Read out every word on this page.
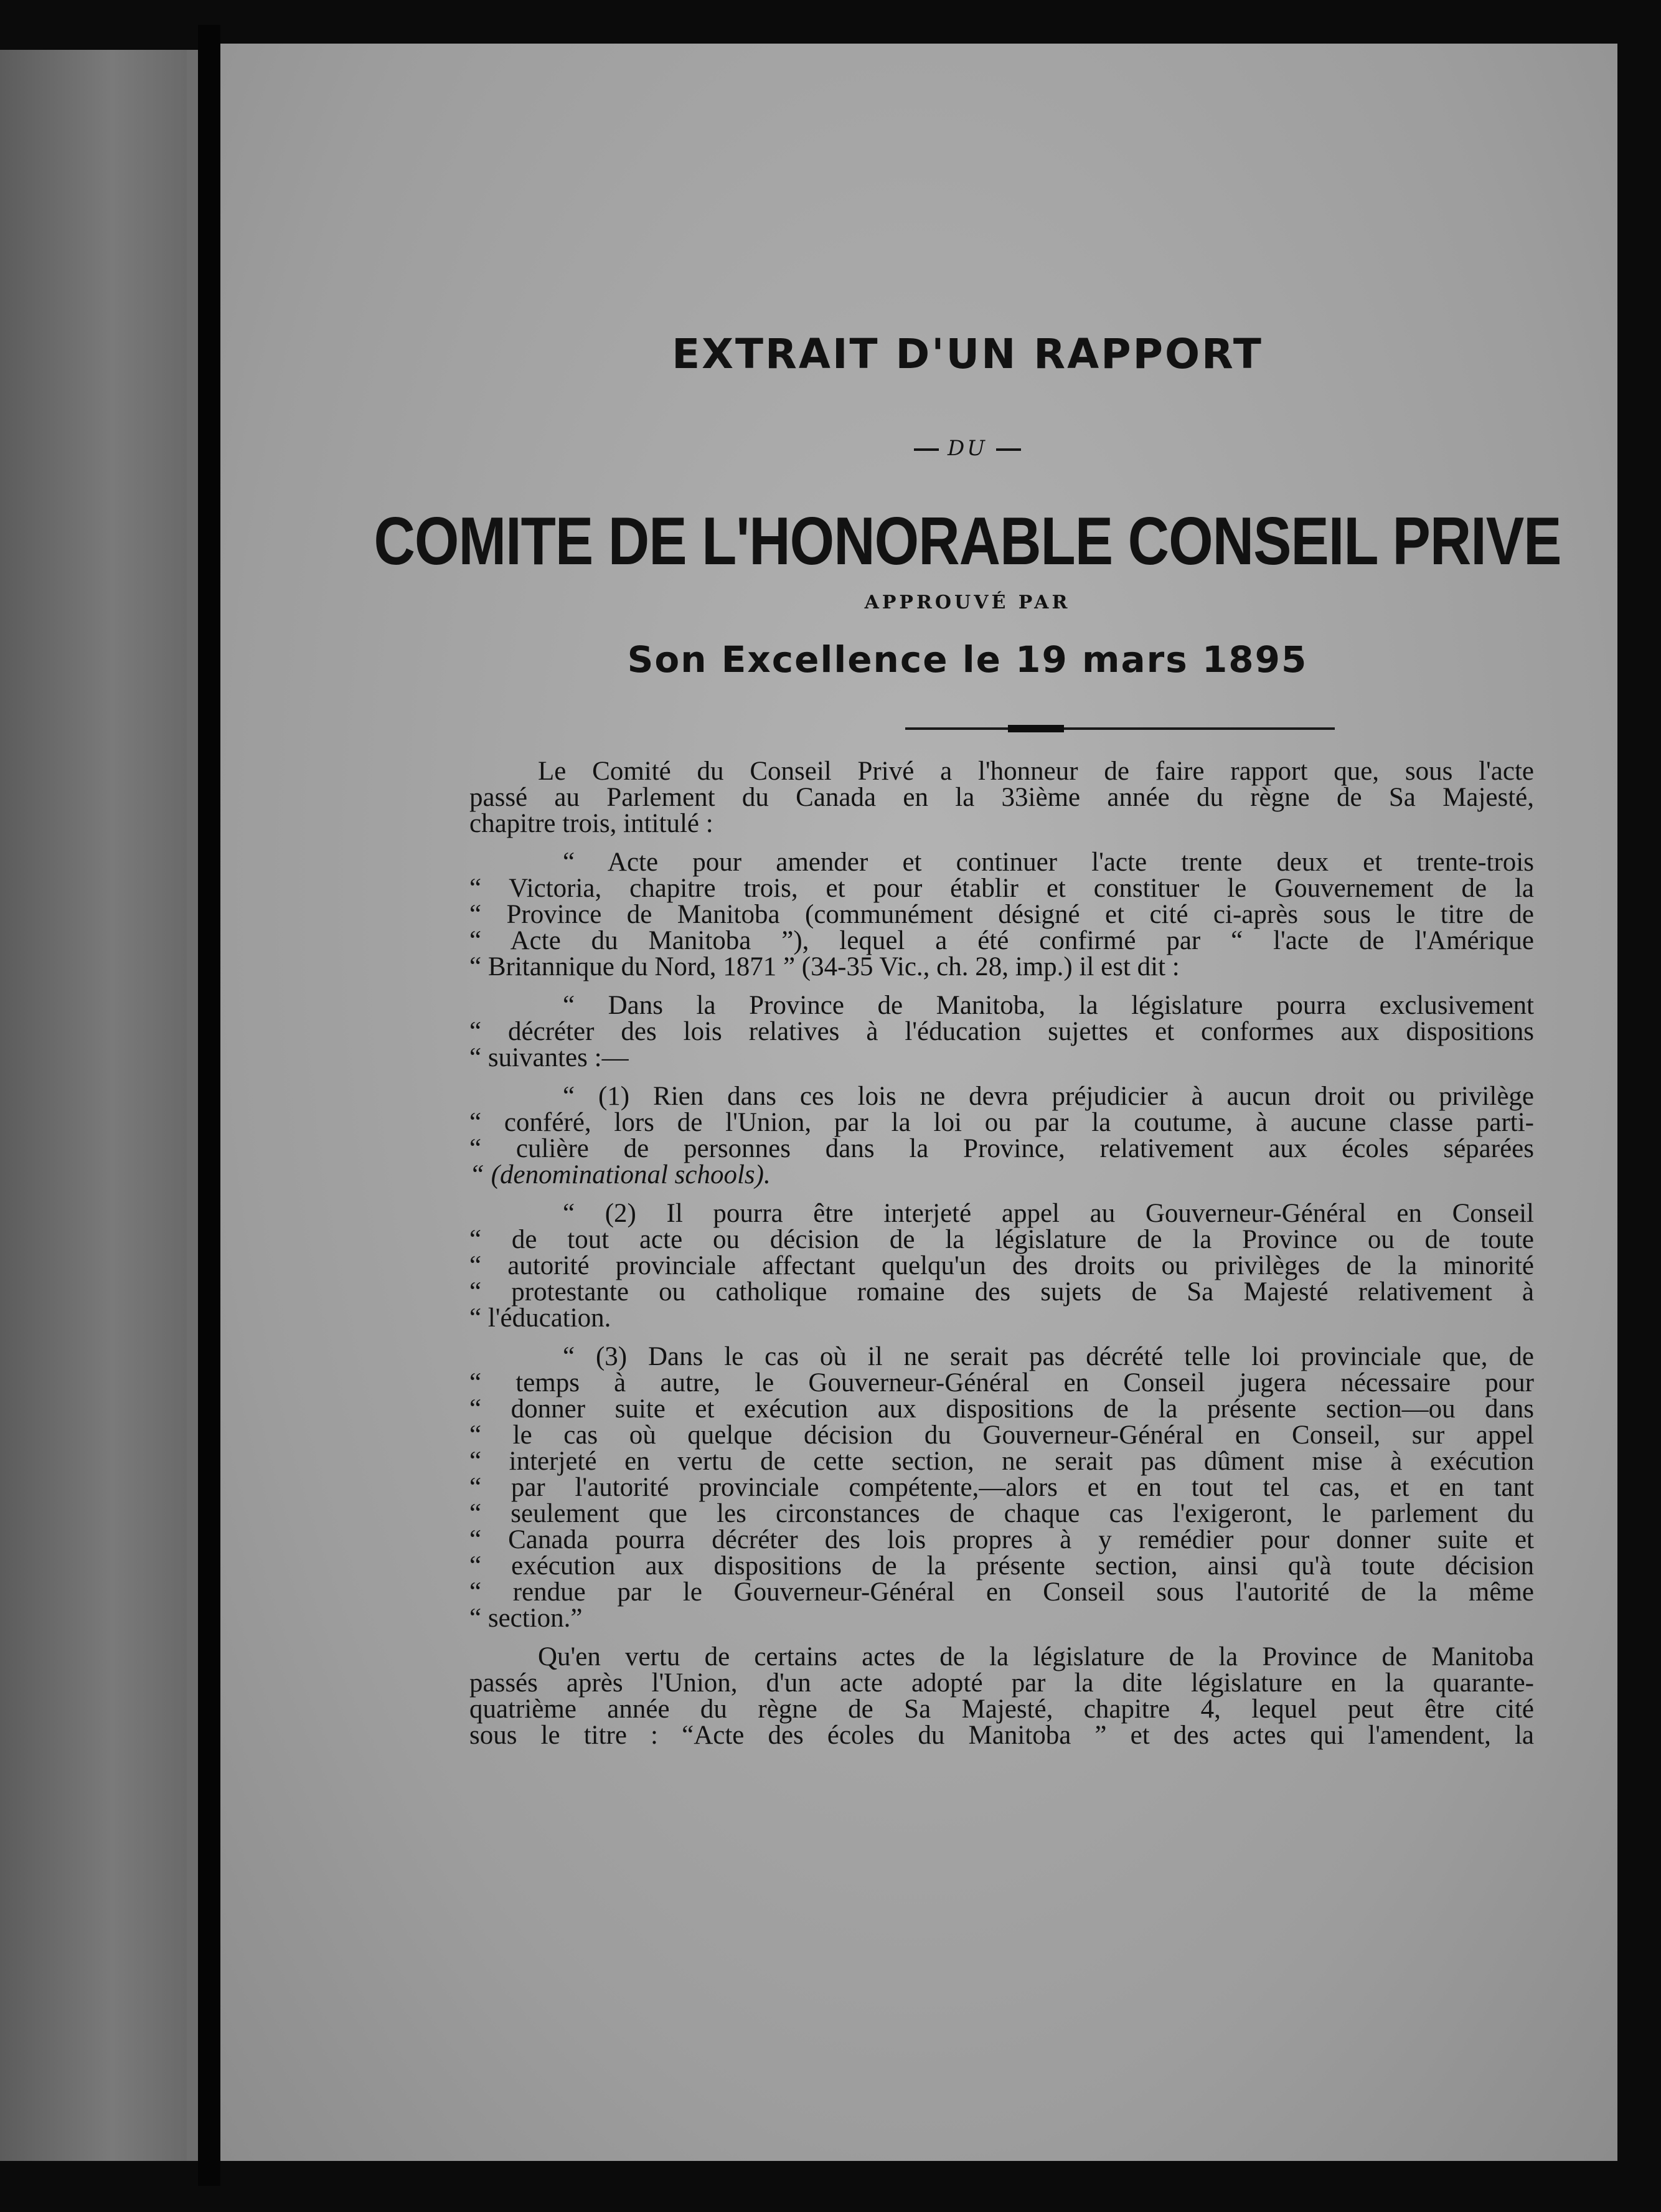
EXTRAIT D'UN RAPPORT
DU
COMITE DE L'HONORABLE CONSEIL PRIVE
APPROUVÉ PAR
Son Excellence le 19 mars 1895

Le Comité du Conseil Privé a l'honneur de faire rapport que, sous l'acte
passé au Parlement du Canada en la 33ième année du règne de Sa Majesté,
chapitre trois, intitulé :

“ Acte pour amender et continuer l'acte trente deux et trente-trois
“ Victoria, chapitre trois, et pour établir et constituer le Gouvernement de la
“ Province de Manitoba (communément désigné et cité ci-après sous le titre de
“ Acte du Manitoba ”), lequel a été confirmé par “ l'acte de l'Amérique
“ Britannique du Nord, 1871 ” (34-35 Vic., ch. 28, imp.) il est dit :

“ Dans la Province de Manitoba, la législature pourra exclusivement
“ décréter des lois relatives à l'éducation sujettes et conformes aux dispositions
“ suivantes :—

“ (1) Rien dans ces lois ne devra préjudicier à aucun droit ou privilège
“ conféré, lors de l'Union, par la loi ou par la coutume, à aucune classe parti-
“ culière de personnes dans la Province, relativement aux écoles séparées
“ (denominational schools).

“ (2) Il pourra être interjeté appel au Gouverneur-Général en Conseil
“ de tout acte ou décision de la législature de la Province ou de toute
“ autorité provinciale affectant quelqu'un des droits ou privilèges de la minorité
“ protestante ou catholique romaine des sujets de Sa Majesté relativement à
“ l'éducation.

“ (3) Dans le cas où il ne serait pas décrété telle loi provinciale que, de
“ temps à autre, le Gouverneur-Général en Conseil jugera nécessaire pour
“ donner suite et exécution aux dispositions de la présente section—ou dans
“ le cas où quelque décision du Gouverneur-Général en Conseil, sur appel
“ interjeté en vertu de cette section, ne serait pas dûment mise à exécution
“ par l'autorité provinciale compétente,—alors et en tout tel cas, et en tant
“ seulement que les circonstances de chaque cas l'exigeront, le parlement du
“ Canada pourra décréter des lois propres à y remédier pour donner suite et
“ exécution aux dispositions de la présente section, ainsi qu'à toute décision
“ rendue par le Gouverneur-Général en Conseil sous l'autorité de la même
“ section.”

Qu'en vertu de certains actes de la législature de la Province de Manitoba
passés après l'Union, d'un acte adopté par la dite législature en la quarante-
quatrième année du règne de Sa Majesté, chapitre 4, lequel peut être cité
sous le titre : “Acte des écoles du Manitoba ” et des actes qui l'amendent, la
